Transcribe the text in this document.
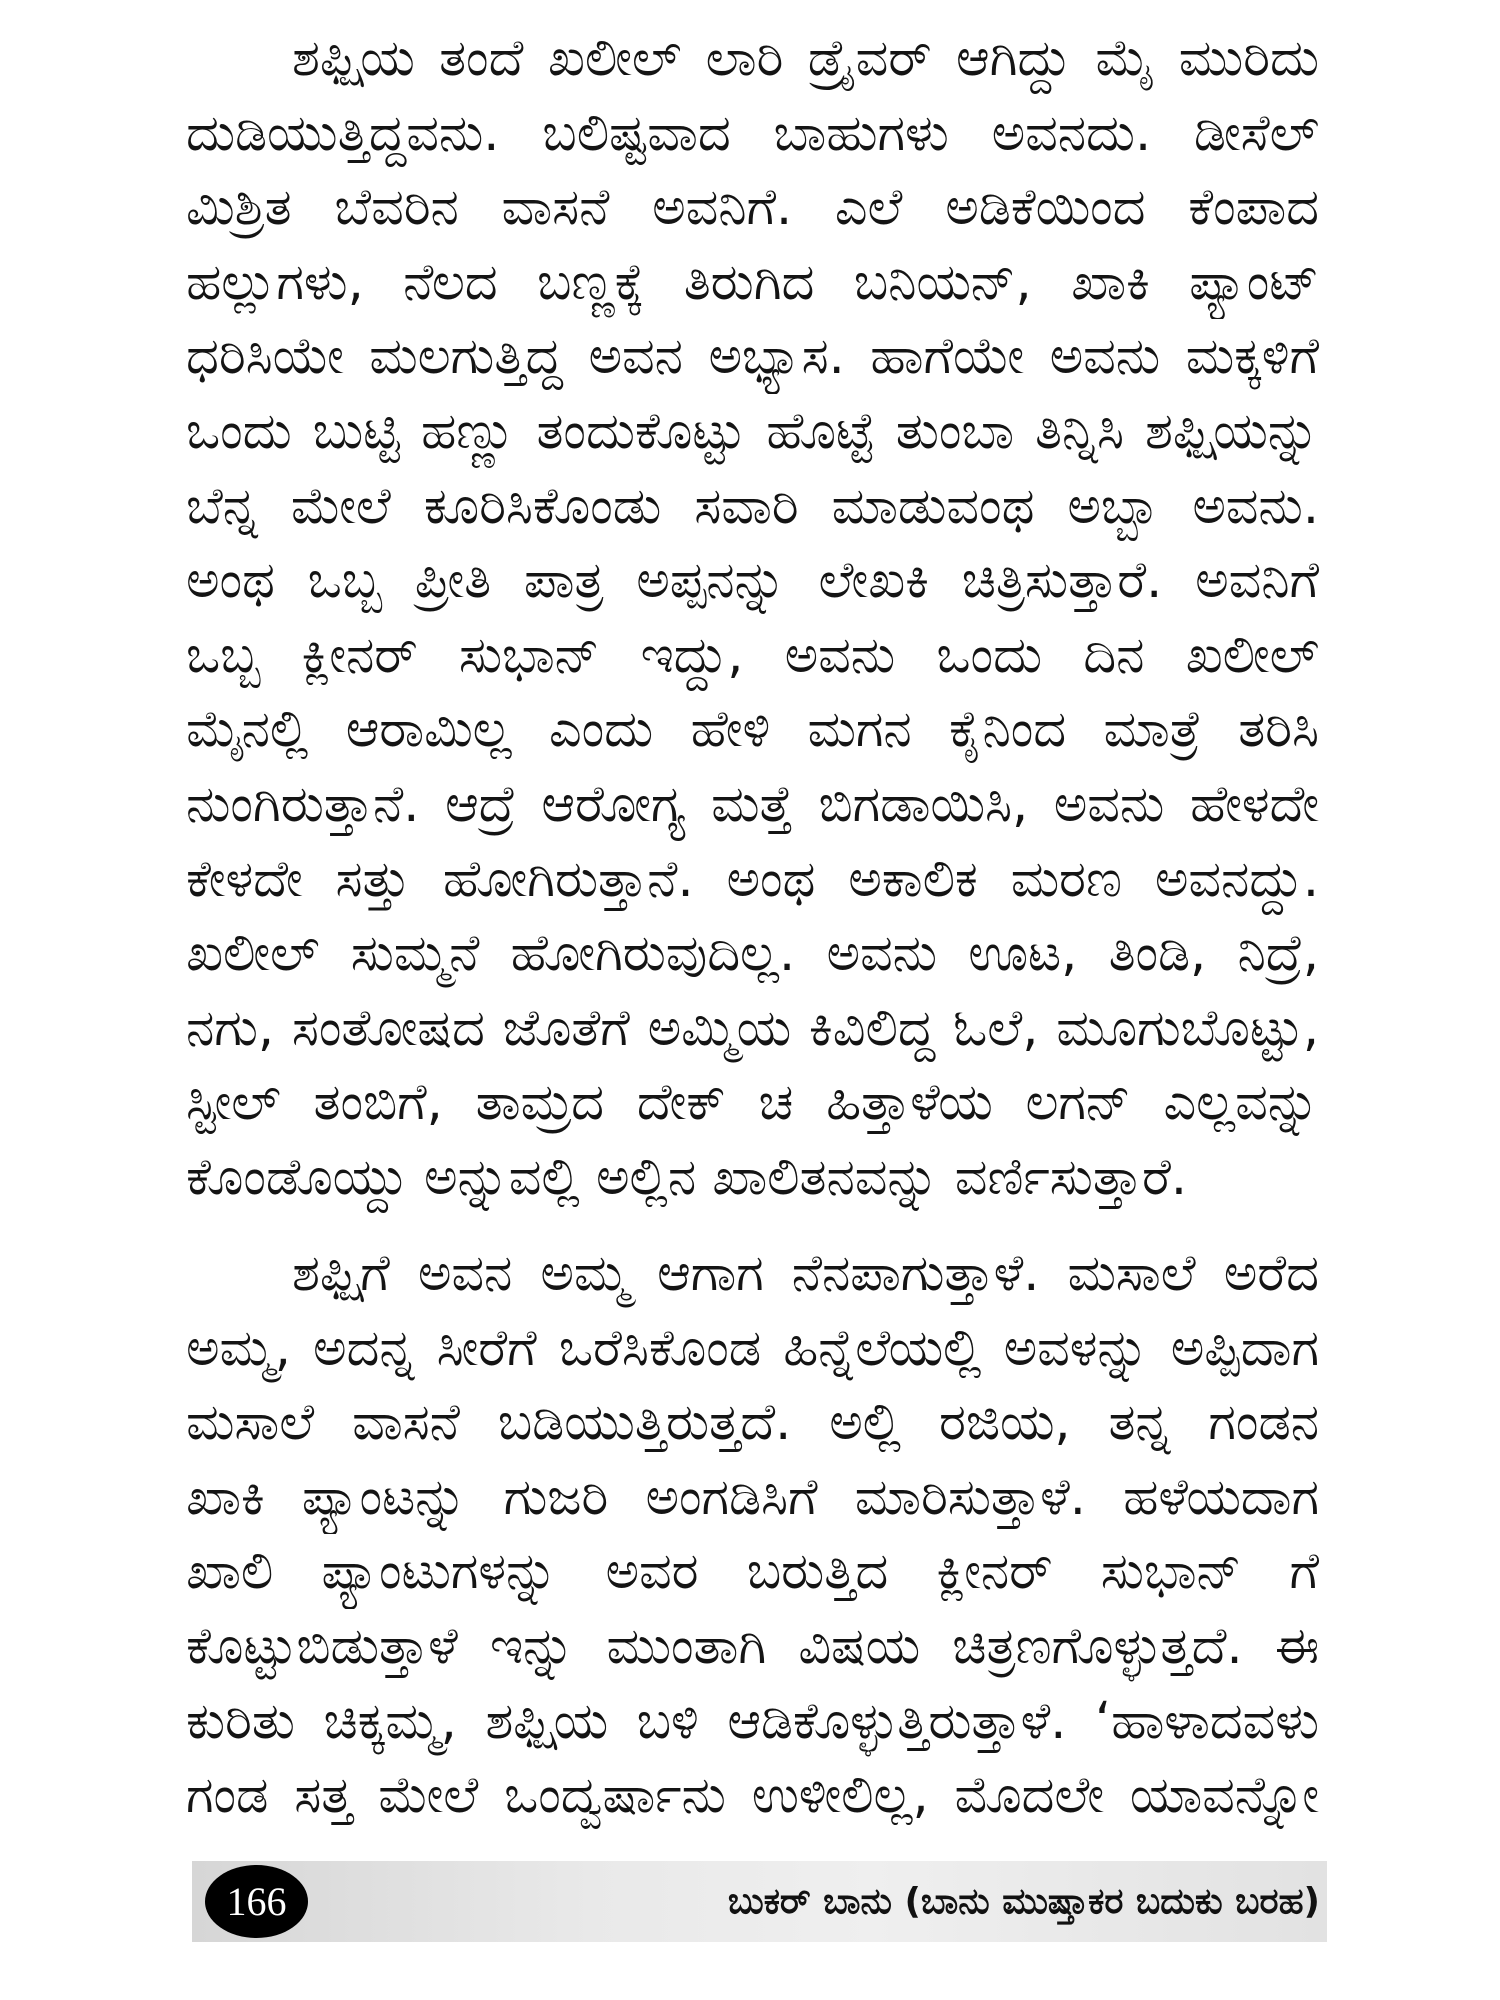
ಶಫ್ಷಿಯ ತಂದೆ ಖಲೀಲ್ ಲಾರಿ ಡ್ರೈವರ್ ಆಗಿದ್ದು ಮೈ ಮುರಿದು
ದುಡಿಯುತ್ತಿದ್ದವನು. ಬಲಿಷ್ಟವಾದ ಬಾಹುಗಳು ಅವನದು. ಡೀಸೆಲ್
ಮಿಶ್ರಿತ ಬೆವರಿನ ವಾಸನೆ ಅವನಿಗೆ. ಎಲೆ ಅಡಿಕೆಯಿಂದ ಕೆಂಪಾದ
ಹಲ್ಲುಗಳು, ನೆಲದ ಬಣ್ಣಕ್ಕೆ ತಿರುಗಿದ ಬನಿಯನ್, ಖಾಕಿ ಪ್ಯಾಂಟ್
ಧರಿಸಿಯೇ ಮಲಗುತ್ತಿದ್ದ ಅವನ ಅಭ್ಯಾಸ. ಹಾಗೆಯೇ ಅವನು ಮಕ್ಕಳಿಗೆ
ಒಂದು ಬುಟ್ಟಿ ಹಣ್ಣು ತಂದುಕೊಟ್ಟು ಹೊಟ್ಟೆ ತುಂಬಾ ತಿನ್ನಿಸಿ ಶಫ್ಷಿಯನ್ನು
ಬೆನ್ನ ಮೇಲೆ ಕೂರಿಸಿಕೊಂಡು ಸವಾರಿ ಮಾಡುವಂಥ ಅಬ್ಬಾ ಅವನು.
ಅಂಥ ಒಬ್ಬ ಪ್ರೀತಿ ಪಾತ್ರ ಅಪ್ಪನನ್ನು ಲೇಖಕಿ ಚಿತ್ರಿಸುತ್ತಾರೆ. ಅವನಿಗೆ
ಒಬ್ಬ ಕ್ಲೀನರ್ ಸುಭಾನ್ ಇದ್ದು, ಅವನು ಒಂದು ದಿನ ಖಲೀಲ್
ಮೈನಲ್ಲಿ ಆರಾಮಿಲ್ಲ ಎಂದು ಹೇಳಿ ಮಗನ ಕೈನಿಂದ ಮಾತ್ರೆ ತರಿಸಿ
ನುಂಗಿರುತ್ತಾನೆ. ಆದ್ರೆ ಆರೋಗ್ಯ ಮತ್ತೆ ಬಿಗಡಾಯಿಸಿ, ಅವನು ಹೇಳದೇ
ಕೇಳದೇ ಸತ್ತು ಹೋಗಿರುತ್ತಾನೆ. ಅಂಥ ಅಕಾಲಿಕ ಮರಣ ಅವನದ್ದು.
ಖಲೀಲ್ ಸುಮ್ಮನೆ ಹೋಗಿರುವುದಿಲ್ಲ. ಅವನು ಊಟ, ತಿಂಡಿ, ನಿದ್ರೆ,
ನಗು, ಸಂತೋಷದ ಜೊತೆಗೆ ಅಮ್ಮಿಯ ಕಿವಿಲಿದ್ದ ಓಲೆ, ಮೂಗುಬೊಟ್ಟು,
ಸ್ಟೀಲ್ ತಂಬಿಗೆ, ತಾಮ್ರದ ದೇಕ್ ಚ ಹಿತ್ತಾಳೆಯ ಲಗನ್ ಎಲ್ಲವನ್ನು
ಕೊಂಡೊಯ್ದು ಅನ್ನುವಲ್ಲಿ ಅಲ್ಲಿನ ಖಾಲಿತನವನ್ನು ವರ್ಣಿಸುತ್ತಾರೆ.
ಶಫ್ಷಿಗೆ ಅವನ ಅಮ್ಮ ಆಗಾಗ ನೆನಪಾಗುತ್ತಾಳೆ. ಮಸಾಲೆ ಅರೆದ
ಅಮ್ಮ, ಅದನ್ನ ಸೀರೆಗೆ ಒರೆಸಿಕೊಂಡ ಹಿನ್ನೆಲೆಯಲ್ಲಿ ಅವಳನ್ನು ಅಪ್ಪಿದಾಗ
ಮಸಾಲೆ ವಾಸನೆ ಬಡಿಯುತ್ತಿರುತ್ತದೆ. ಅಲ್ಲಿ ರಜಿಯ, ತನ್ನ ಗಂಡನ
ಖಾಕಿ ಪ್ಯಾಂಟನ್ನು ಗುಜರಿ ಅಂಗಡಿಸಿಗೆ ಮಾರಿಸುತ್ತಾಳೆ. ಹಳೆಯದಾಗ
ಖಾಲಿ ಪ್ಯಾಂಟುಗಳನ್ನು ಅವರ ಬರುತ್ತಿದ ಕ್ಲೀನರ್ ಸುಭಾನ್ ಗೆ
ಕೊಟ್ಟುಬಿಡುತ್ತಾಳೆ ಇನ್ನು ಮುಂತಾಗಿ ವಿಷಯ ಚಿತ್ರಣಗೊಳ್ಳುತ್ತದೆ. ಈ
ಕುರಿತು ಚಿಕ್ಕಮ್ಮ, ಶಫ್ಷಿಯ ಬಳಿ ಆಡಿಕೊಳ್ಳುತ್ತಿರುತ್ತಾಳೆ. ‘ಹಾಳಾದವಳು
ಗಂಡ ಸತ್ತ ಮೇಲೆ ಒಂದ್ವರ್ಷಾನು ಉಳೀಲಿಲ್ಲ, ಮೊದಲೇ ಯಾವನ್ನೋ
166	ಬುಕರ್ ಬಾನು (ಬಾನು ಮುಷ್ತಾಕರ ಬದುಕು ಬರಹ)
